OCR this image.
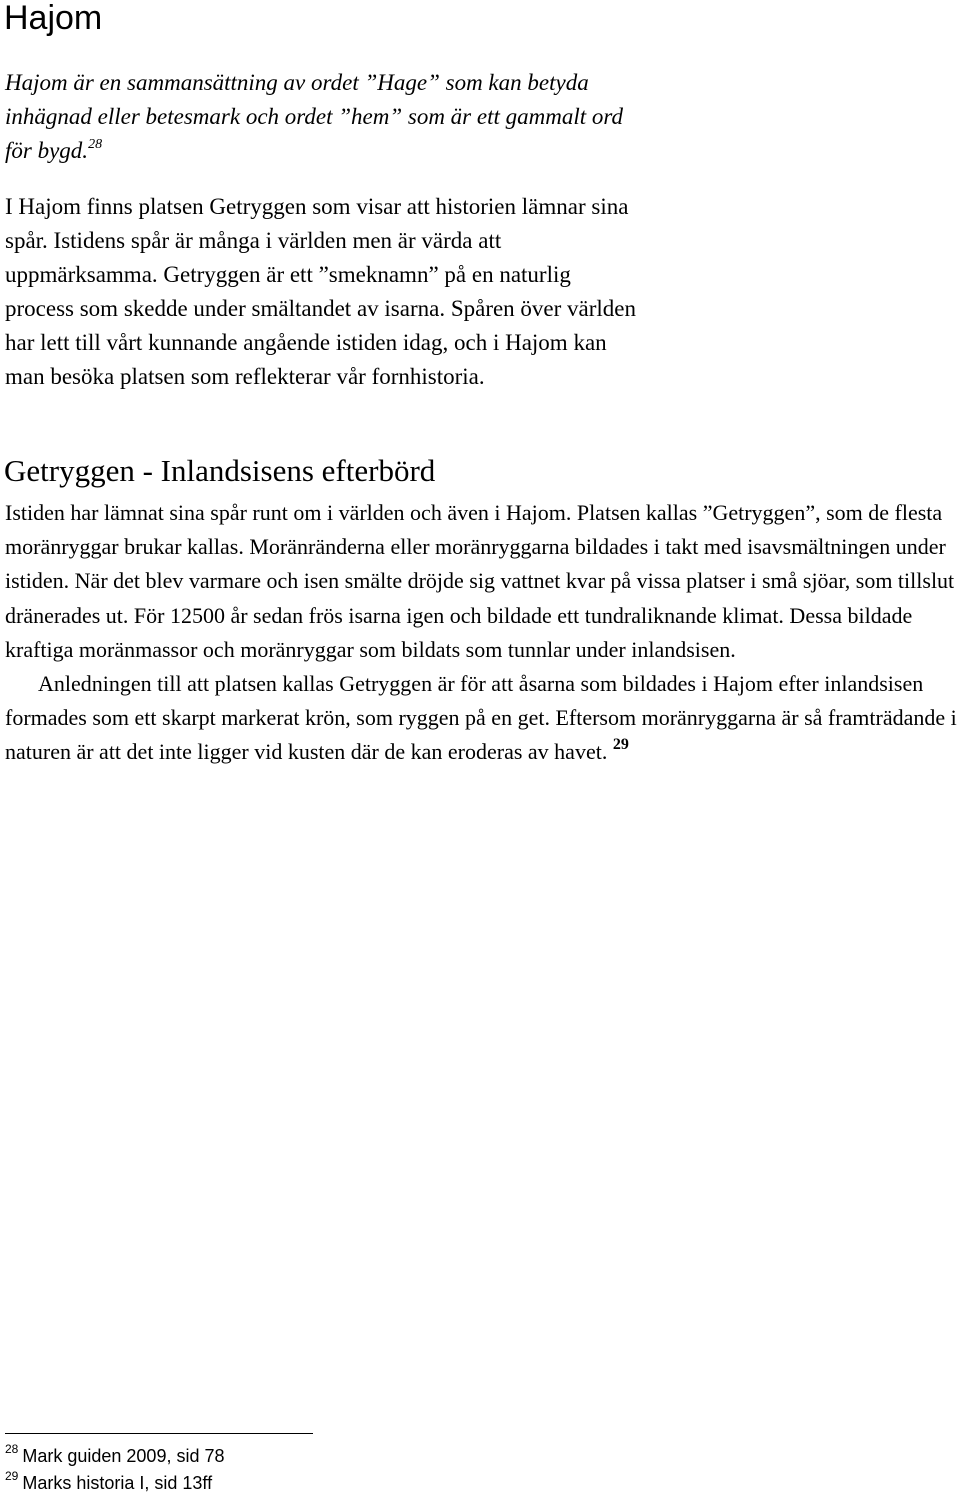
Hajom

Hajom är en sammansättning av ordet ”Hage” som kan betyda inhägnad eller betesmark och ordet ”hem” som är ett gammalt ord för bygd.$^{28}$

I Hajom finns platsen Getryggen som visar att historien lämnar sina spår. Istidens spår är många i världen men är värda att uppmärksamma. Getryggen är ett ”smeknamn” på en naturlig process som skedde under smältandet av isarna. Spåren över världen har lett till vårt kunnande angående istiden idag, och i Hajom kan man besöka platsen som reflekterar vår fornhistoria.

Getryggen - Inlandsisens efterbörd
Istiden har lämnat sina spår runt om i världen och även i Hajom. Platsen kallas ”Getryggen”, som de flesta moränryggar brukar kallas. Moränränderna eller moränryggarna bildades i takt med isavsmältningen under istiden. När det blev varmare och isen smälte dröjde sig vattnet kvar på vissa platser i små sjöar, som tillslut dränerades ut. För 12500 år sedan frös isarna igen och bildade ett tundraliknande klimat. Dessa bildade kraftiga moränmassor och moränryggar som bildats som tunnlar under inlandsisen.
Anledningen till att platsen kallas Getryggen är för att åsarna som bildades i Hajom efter inlandsisen formades som ett skarpt markerat krön, som ryggen på en get. Eftersom moränryggarna är så framträdande i naturen är att det inte ligger vid kusten där de kan eroderas av havet. $^{29}$
$^{28}$ Mark guiden 2009, sid 78
$^{29}$ Marks historia I, sid 13ff
